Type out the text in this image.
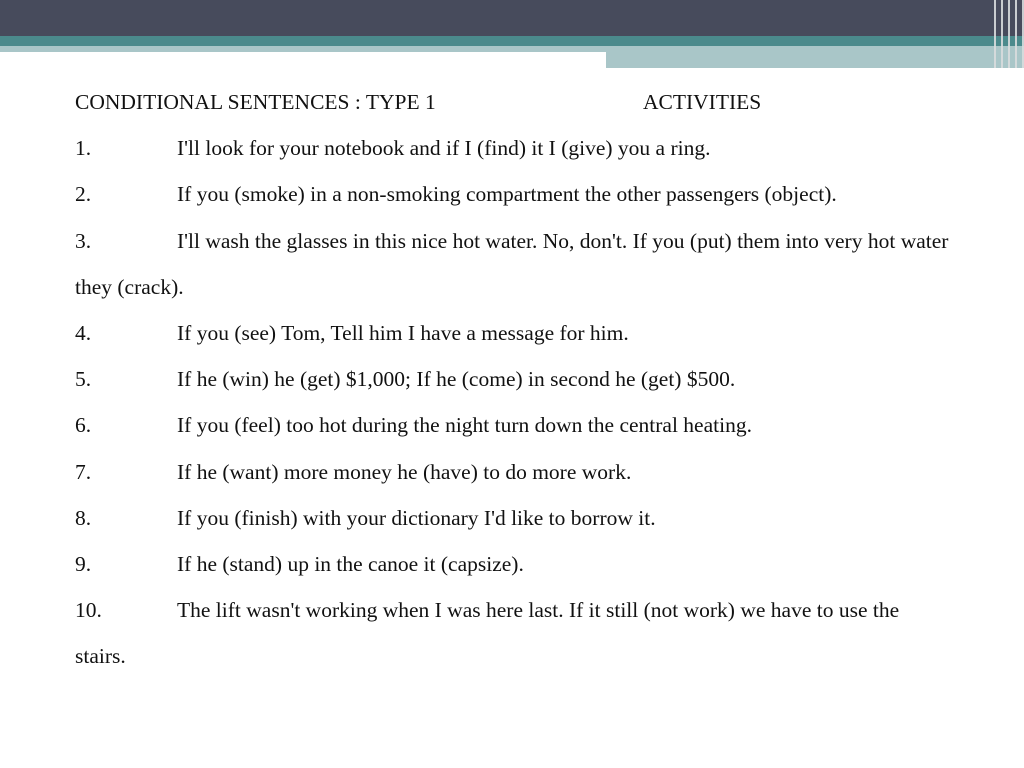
CONDITIONAL SENTENCES : TYPE 1	ACTIVITIES

1.	I'll look for your notebook and if I (find) it I (give) you a ring.

2.	If you (smoke) in a non-smoking compartment the other passengers (object).

3.	I'll wash the glasses in this nice hot water. No, don't. If you (put) them into very hot water they (crack).

4.	If you (see) Tom, Tell him I have a message for him.

5.	If he (win) he (get) $1,000; If he (come) in second he (get) $500.

6.	If you (feel) too hot during the night turn down the central heating.

7.	If he (want) more money he (have) to do more work.

8.	If you (finish) with your dictionary I'd like to borrow it.

9.	If he (stand) up in the canoe it (capsize).

10.	The lift wasn't working when I was here last. If it still (not work) we have to use the stairs.
